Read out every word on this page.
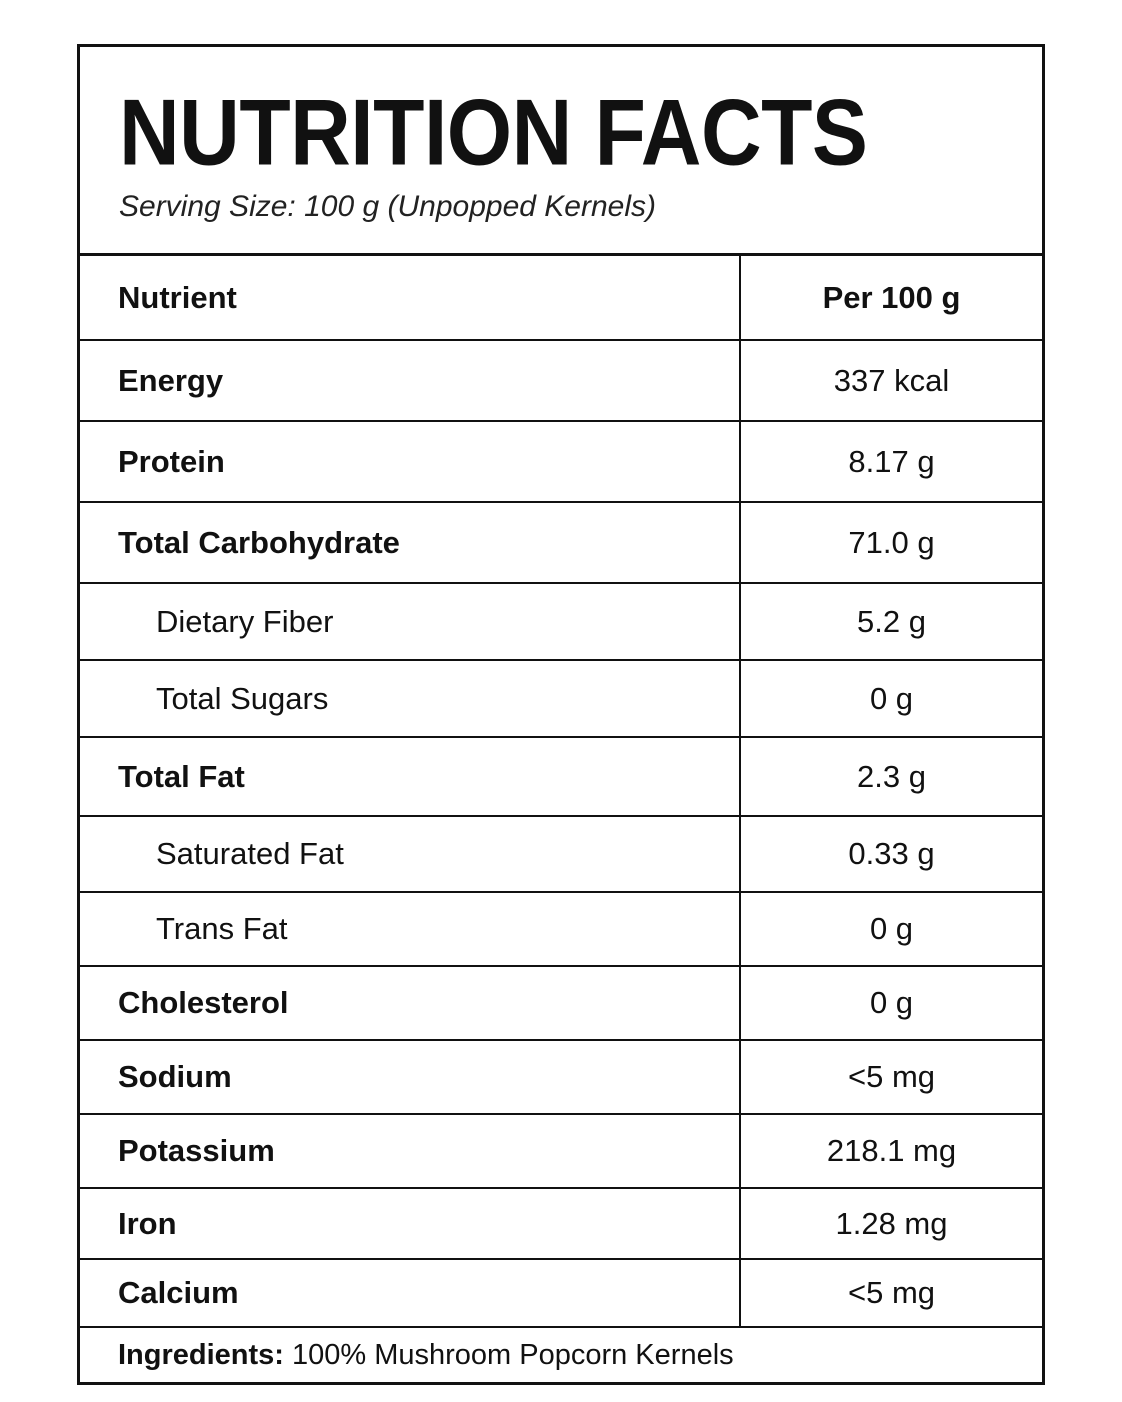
NUTRITION FACTS
Serving Size: 100 g (Unpopped Kernels)
Nutrient	Per 100 g
Energy	337 kcal
Protein	8.17 g
Total Carbohydrate	71.0 g
Dietary Fiber	5.2 g
Total Sugars	0 g
Total Fat	2.3 g
Saturated Fat	0.33 g
Trans Fat	0 g
Cholesterol	0 g
Sodium	<5 mg
Potassium	218.1 mg
Iron	1.28 mg
Calcium	<5 mg
Ingredients: 100% Mushroom Popcorn Kernels
